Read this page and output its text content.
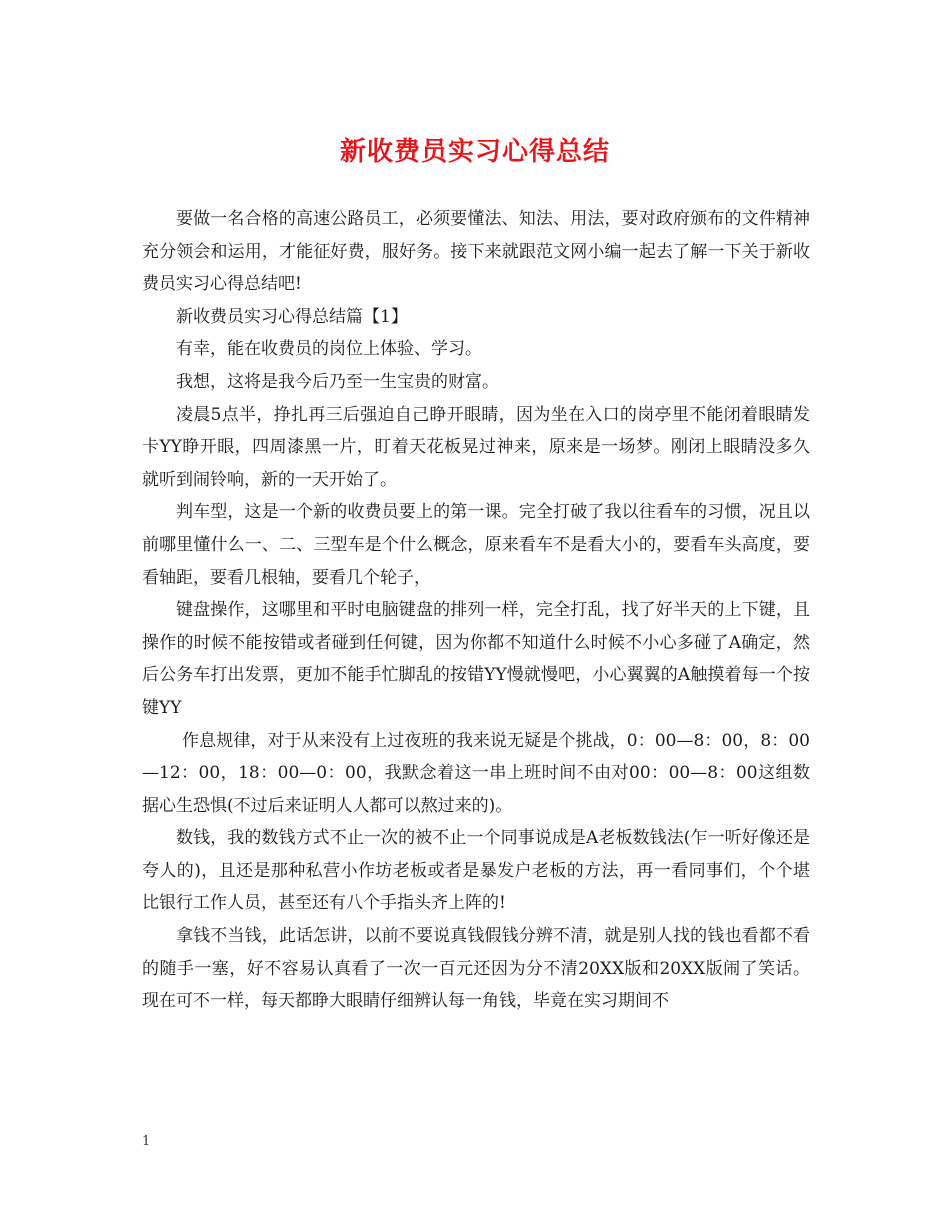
新收费员实习心得总结

要做一名合格的高速公路员工，必须要懂法、知法、用法，要对政府颁布的文件精神充分领会和运用，才能征好费，服好务。接下来就跟范文网小编一起去了解一下关于新收费员实习心得总结吧!

新收费员实习心得总结篇【1】

有幸，能在收费员的岗位上体验、学习。

我想，这将是我今后乃至一生宝贵的财富。

凌晨5点半，挣扎再三后强迫自己睁开眼睛，因为坐在入口的岗亭里不能闭着眼睛发卡YY睁开眼，四周漆黑一片，盯着天花板晃过神来，原来是一场梦。刚闭上眼睛没多久就听到闹铃响，新的一天开始了。

判车型，这是一个新的收费员要上的第一课。完全打破了我以往看车的习惯，况且以前哪里懂什么一、二、三型车是个什么概念，原来看车不是看大小的，要看车头高度，要看轴距，要看几根轴，要看几个轮子，

键盘操作，这哪里和平时电脑键盘的排列一样，完全打乱，找了好半天的上下键，且操作的时候不能按错或者碰到任何键，因为你都不知道什么时候不小心多碰了A确定，然后公务车打出发票，更加不能手忙脚乱的按错YY慢就慢吧，小心翼翼的A触摸着每一个按键YY

作息规律，对于从来没有上过夜班的我来说无疑是个挑战，0：00—8：00，8：00—12：00，18：00—0：00，我默念着这一串上班时间不由对00：00—8：00这组数据心生恐惧(不过后来证明人人都可以熬过来的)。

数钱，我的数钱方式不止一次的被不止一个同事说成是A老板数钱法(乍一听好像还是夸人的)，且还是那种私营小作坊老板或者是暴发户老板的方法，再一看同事们，个个堪比银行工作人员，甚至还有八个手指头齐上阵的!

拿钱不当钱，此话怎讲，以前不要说真钱假钱分辨不清，就是别人找的钱也看都不看的随手一塞，好不容易认真看了一次一百元还因为分不清20XX版和20XX版闹了笑话。现在可不一样，每天都睁大眼睛仔细辨认每一角钱，毕竟在实习期间不

1
